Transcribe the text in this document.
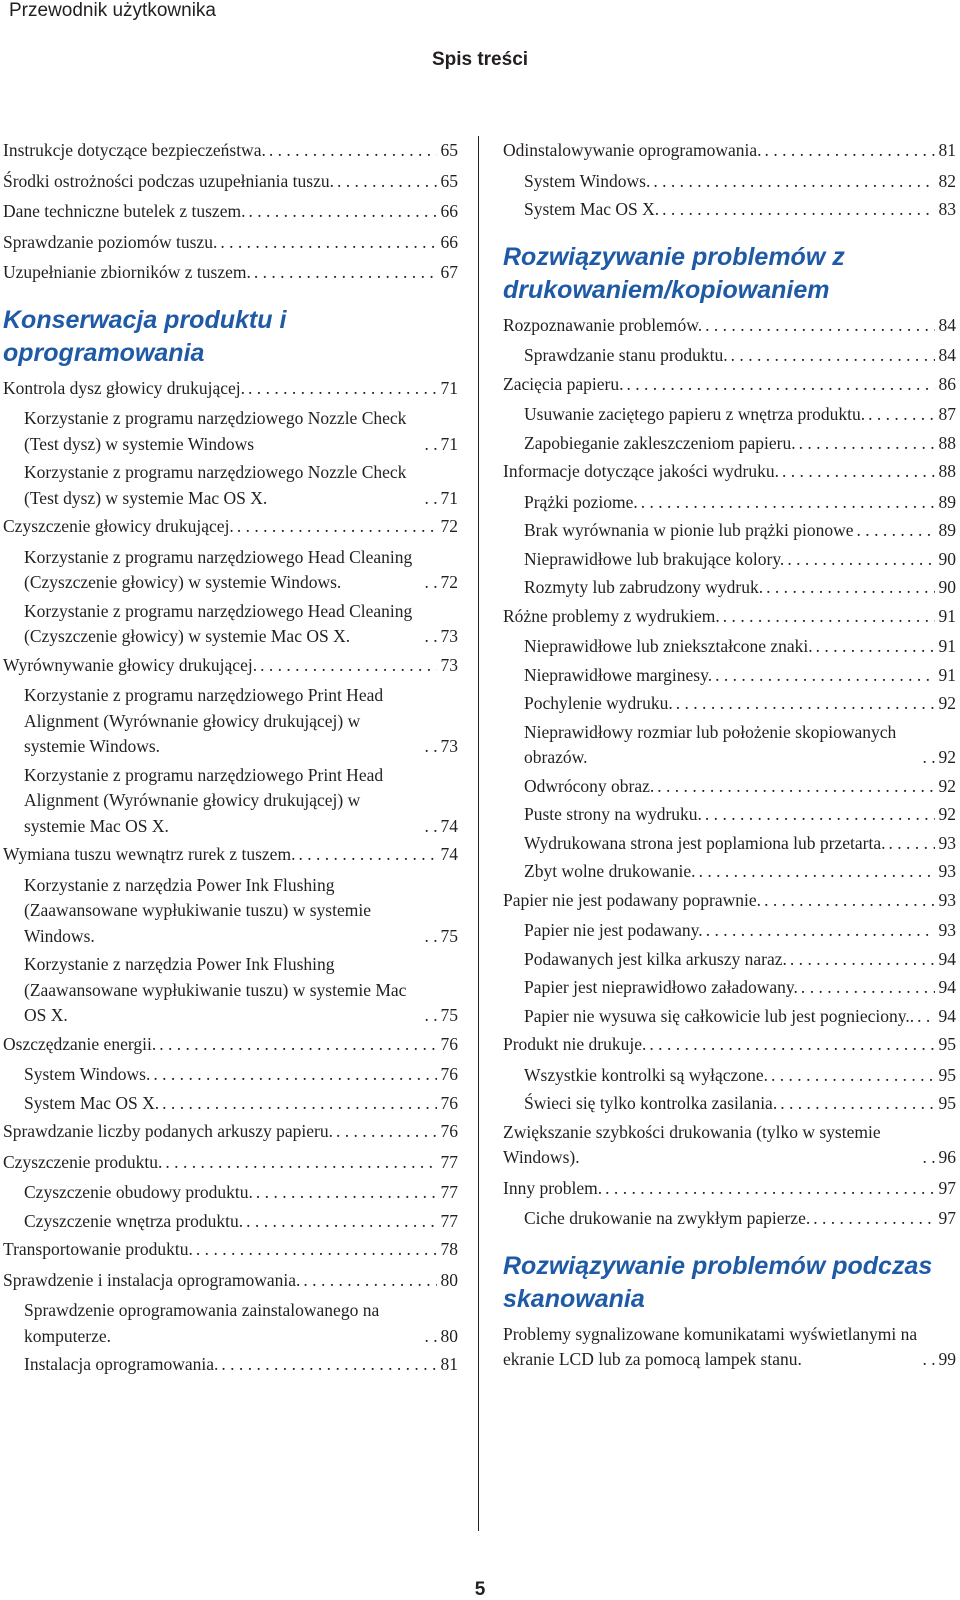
Przewodnik użytkownika
Spis treści
Instrukcje dotyczące bezpieczeństwa. .....	65
Środki ostrożności podczas uzupełniania tuszu. .....	65
Dane techniczne butelek z tuszem. .....	66
Sprawdzanie poziomów tuszu. .....	66
Uzupełnianie zbiorników z tuszem. .....	67
Konserwacja produktu i oprogramowania
Kontrola dysz głowicy drukującej. .....	71
Korzystanie z programu narzędziowego Nozzle Check (Test dysz) w systemie Windows .....	71
Korzystanie z programu narzędziowego Nozzle Check (Test dysz) w systemie Mac OS X. .....	71
Czyszczenie głowicy drukującej. .....	72
Korzystanie z programu narzędziowego Head Cleaning (Czyszczenie głowicy) w systemie Windows. .....	72
Korzystanie z programu narzędziowego Head Cleaning (Czyszczenie głowicy) w systemie Mac OS X. .....	73
Wyrównywanie głowicy drukującej. .....	73
Korzystanie z programu narzędziowego Print Head Alignment (Wyrównanie głowicy drukującej) w systemie Windows. .....	73
Korzystanie z programu narzędziowego Print Head Alignment (Wyrównanie głowicy drukującej) w systemie Mac OS X. .....	74
Wymiana tuszu wewnątrz rurek z tuszem. .....	74
Korzystanie z narzędzia Power Ink Flushing (Zaawansowane wypłukiwanie tuszu) w systemie Windows. .....	75
Korzystanie z narzędzia Power Ink Flushing (Zaawansowane wypłukiwanie tuszu) w systemie Mac OS X. .....	75
Oszczędzanie energii. .....	76
System Windows. .....	76
System Mac OS X. .....	76
Sprawdzanie liczby podanych arkuszy papieru. .....	76
Czyszczenie produktu. .....	77
Czyszczenie obudowy produktu. .....	77
Czyszczenie wnętrza produktu. .....	77
Transportowanie produktu. .....	78
Sprawdzenie i instalacja oprogramowania. .....	80
Sprawdzenie oprogramowania zainstalowanego na komputerze. .....	80
Instalacja oprogramowania. .....	81
Odinstalowywanie oprogramowania. .....	81
System Windows. .....	82
System Mac OS X. .....	83
Rozwiązywanie problemów z drukowaniem/kopiowaniem
Rozpoznawanie problemów. .....	84
Sprawdzanie stanu produktu. .....	84
Zacięcia papieru. .....	86
Usuwanie zaciętego papieru z wnętrza produktu. .....	87
Zapobieganie zakleszczeniom papieru. .....	88
Informacje dotyczące jakości wydruku. .....	88
Prążki poziome. .....	89
Brak wyrównania w pionie lub prążki pionowe .....	89
Nieprawidłowe lub brakujące kolory. .....	90
Rozmyty lub zabrudzony wydruk. .....	90
Różne problemy z wydrukiem. .....	91
Nieprawidłowe lub zniekształcone znaki. .....	91
Nieprawidłowe marginesy. .....	91
Pochylenie wydruku. .....	92
Nieprawidłowy rozmiar lub położenie skopiowanych obrazów. .....	92
Odwrócony obraz. .....	92
Puste strony na wydruku. .....	92
Wydrukowana strona jest poplamiona lub przetarta. .....	93
Zbyt wolne drukowanie. .....	93
Papier nie jest podawany poprawnie. .....	93
Papier nie jest podawany. .....	93
Podawanych jest kilka arkuszy naraz. .....	94
Papier jest nieprawidłowo załadowany. .....	94
Papier nie wysuwa się całkowicie lub jest pognieciony.. ..... 94
Produkt nie drukuje. .....	95
Wszystkie kontrolki są wyłączone. .....	95
Świeci się tylko kontrolka zasilania. .....	95
Zwiększanie szybkości drukowania (tylko w systemie Windows). .....	96
Inny problem. .....	97
Ciche drukowanie na zwykłym papierze. .....	97
Rozwiązywanie problemów podczas skanowania
Problemy sygnalizowane komunikatami wyświetlanymi na ekranie LCD lub za pomocą lampek stanu. .....	99
5
